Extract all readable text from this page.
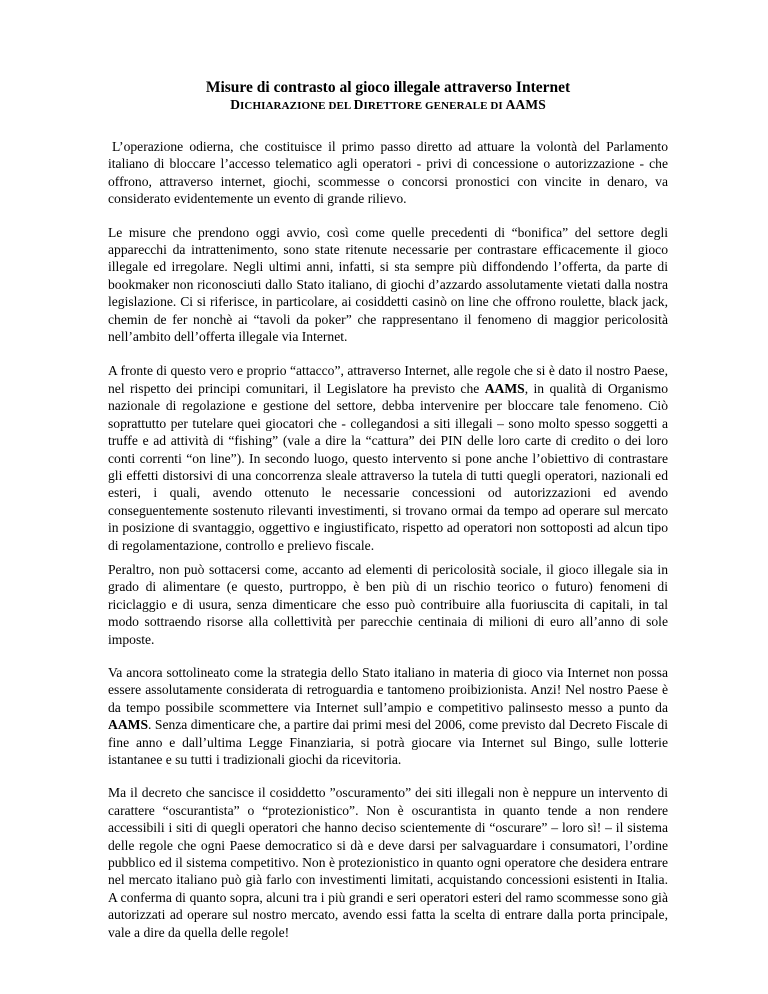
Misure di contrasto al gioco illegale attraverso Internet
DICHIARAZIONE DEL DIRETTORE GENERALE DI AAMS

L’operazione odierna, che costituisce il primo passo diretto ad attuare la volontà del Parlamento italiano di bloccare l’accesso telematico agli operatori - privi di concessione o autorizzazione - che offrono, attraverso internet, giochi, scommesse o concorsi pronostici con vincite in denaro, va considerato evidentemente un evento di grande rilievo.

Le misure che prendono oggi avvio, così come quelle precedenti di “bonifica” del settore degli apparecchi da intrattenimento, sono state ritenute necessarie per contrastare efficacemente il gioco illegale ed irregolare. Negli ultimi anni, infatti, si sta sempre più diffondendo l’offerta, da parte di bookmaker non riconosciuti dallo Stato italiano, di giochi d’azzardo assolutamente vietati dalla nostra legislazione. Ci si riferisce, in particolare, ai cosiddetti casinò on line che offrono roulette, black jack, chemin de fer nonchè ai “tavoli da poker” che rappresentano il fenomeno di maggior pericolosità nell’ambito dell’offerta illegale via Internet.

A fronte di questo vero e proprio “attacco”, attraverso Internet, alle regole che si è dato il nostro Paese, nel rispetto dei principi comunitari, il Legislatore ha previsto che AAMS, in qualità di Organismo nazionale di regolazione e gestione del settore, debba intervenire per bloccare tale fenomeno. Ciò soprattutto per tutelare quei giocatori che - collegandosi a siti illegali – sono molto spesso soggetti a truffe e ad attività di “fishing” (vale a dire la “cattura” dei PIN delle loro carte di credito o dei loro conti correnti “on line”). In secondo luogo, questo intervento si pone anche l’obiettivo di contrastare gli effetti distorsivi di una concorrenza sleale attraverso la tutela di tutti quegli operatori, nazionali ed esteri, i quali, avendo ottenuto le necessarie concessioni od autorizzazioni ed avendo conseguentemente sostenuto rilevanti investimenti, si trovano ormai da tempo ad operare sul mercato in posizione di svantaggio, oggettivo e ingiustificato, rispetto ad operatori non sottoposti ad alcun tipo di regolamentazione, controllo e prelievo fiscale.

Peraltro, non può sottacersi come, accanto ad elementi di pericolosità sociale, il gioco illegale sia in grado di alimentare (e questo, purtroppo, è ben più di un rischio teorico o futuro) fenomeni di riciclaggio e di usura, senza dimenticare che esso può contribuire alla fuoriuscita di capitali, in tal modo sottraendo risorse alla collettività per parecchie centinaia di milioni di euro all’anno di sole imposte.

Va ancora sottolineato come la strategia dello Stato italiano in materia di gioco via Internet non possa essere assolutamente considerata di retroguardia e tantomeno proibizionista. Anzi! Nel nostro Paese è da tempo possibile scommettere via Internet sull’ampio e competitivo palinsesto messo a punto da AAMS. Senza dimenticare che, a partire dai primi mesi del 2006, come previsto dal Decreto Fiscale di fine anno e dall’ultima Legge Finanziaria, si potrà giocare via Internet sul Bingo, sulle lotterie istantanee e su tutti i tradizionali giochi da ricevitoria.

Ma il decreto che sancisce il cosiddetto ”oscuramento” dei siti illegali non è neppure un intervento di carattere “oscurantista” o “protezionistico”. Non è oscurantista in quanto tende a non rendere accessibili i siti di quegli operatori che hanno deciso scientemente di “oscurare” – loro sì! – il sistema delle regole che ogni Paese democratico si dà e deve darsi per salvaguardare i consumatori, l’ordine pubblico ed il sistema competitivo. Non è protezionistico in quanto ogni operatore che desidera entrare nel mercato italiano può già farlo con investimenti limitati, acquistando concessioni esistenti in Italia. A conferma di quanto sopra, alcuni tra i più grandi e seri operatori esteri del ramo scommesse sono già autorizzati ad operare sul nostro mercato, avendo essi fatta la scelta di entrare dalla porta principale, vale a dire da quella delle regole!
